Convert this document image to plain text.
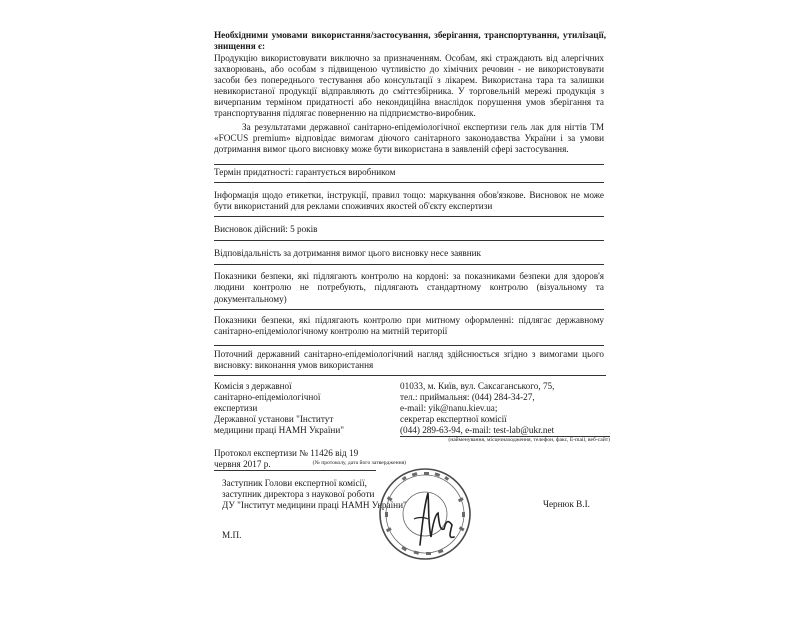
Необхідними умовами використання/застосування, зберігання, транспортування, утилізації, знищення є:
Продукцію використовувати виключно за призначенням. Особам, які страждають від алергічних захворювань, або особам з підвищеною чутливістю до хімічних речовин - не використовувати засоби без попереднього тестування або консультації з лікарем. Використана тара та залишки невикористаної продукції відправляють до сміттєзбірника. У торговельній мережі продукція з вичерпаним терміном придатності або некондиційна внаслідок порушення умов зберігання та транспортування підлягає поверненню на підприємство-виробник.
За результатами державної санітарно-епідеміологічної експертизи гель лак для нігтів ТМ «FOCUS premium» відповідає вимогам діючого санітарного законодавства України і за умови дотримання вимог цього висновку може бути використана в заявленій сфері застосування.
Термін придатності: гарантується виробником
Інформація щодо етикетки, інструкції, правил тощо: маркування обов'язкове. Висновок не може бути використаний для реклами споживчих якостей об'єкту експертизи
Висновок дійсний: 5 років
Відповідальність за дотримання вимог цього висновку несе заявник
Показники безпеки, які підлягають контролю на кордоні: за показниками безпеки для здоров'я людини контролю не потребують, підлягають стандартному контролю (візуальному та документальному)
Показники безпеки, які підлягають контролю при митному оформленні: підлягає державному санітарно-епідеміологічному контролю на митній території
Поточний державний санітарно-епідеміологічний нагляд здійснюється згідно з вимогами цього висновку: виконання умов використання
Комісія з державної
санітарно-епідеміологічної
експертизи
Державної установи "Інститут
медицини праці НАМН України"
01033, м. Київ, вул. Саксаганського, 75,
тел.: приймальня: (044) 284-34-27,
e-mail: yik@nanu.kiev.ua;
секретар експертної комісії
(044) 289-63-94, e-mail: test-lab@ukr.net
(найменування, місцезнаходження, телефон, факс, E-mail, веб-сайт)
Протокол експертизи № 11426 від 19 червня 2017 р.	(№ протоколу, дата його затвердження)
Заступник Голови експертної комісії,
заступник директора з наукової роботи
ДУ "Інститут медицини праці НАМН України"	Чернюк В.І.
М.П.
